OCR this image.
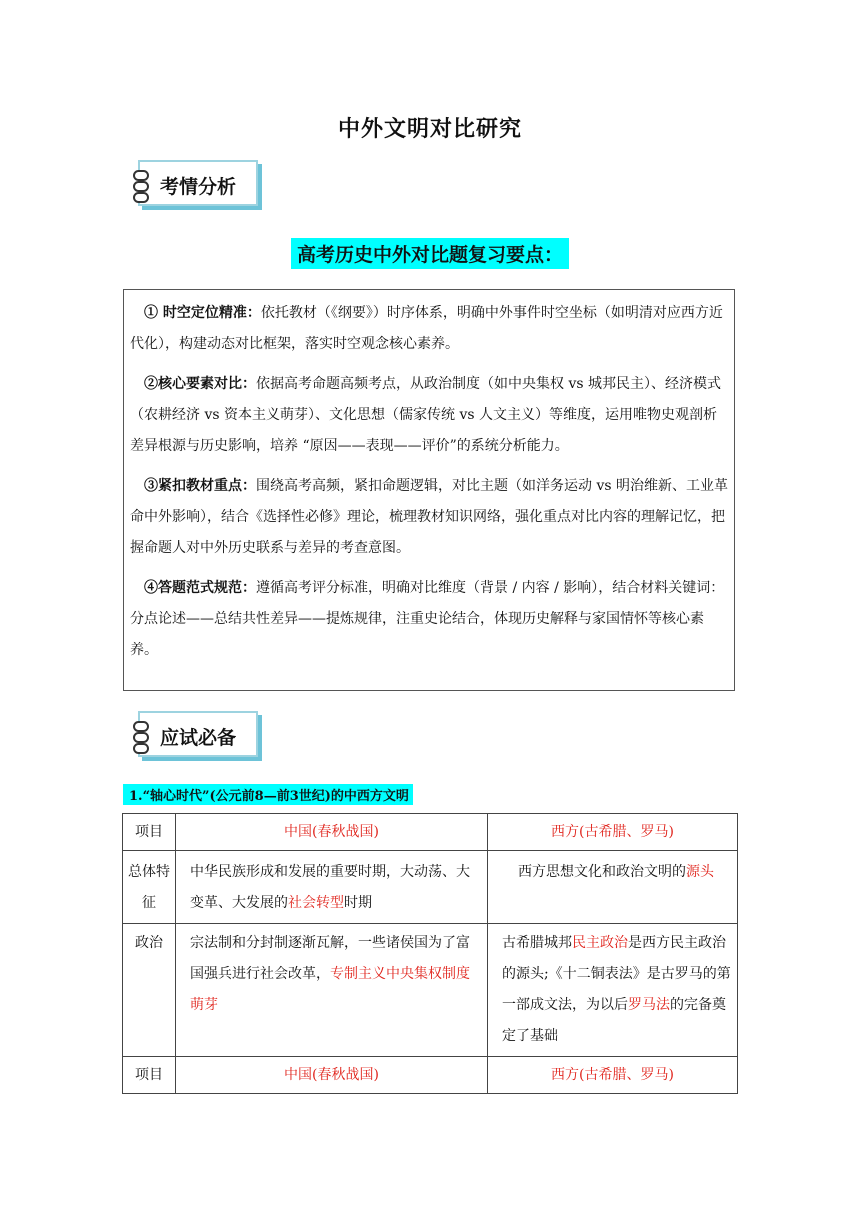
中外文明对比研究
考情分析
高考历史中外对比题复习要点：

① 时空定位精准：依托教材（《纲要》）时序体系，明确中外事件时空坐标（如明清对应西方近代化），构建动态对比框架，落实时空观念核心素养。

②核心要素对比：依据高考命题高频考点，从政治制度（如中央集权 vs 城邦民主）、经济模式（农耕经济 vs 资本主义萌芽）、文化思想（儒家传统 vs 人文主义）等维度，运用唯物史观剖析差异根源与历史影响，培养 “原因——表现——评价”的系统分析能力。

③紧扣教材重点：围绕高考高频，紧扣命题逻辑，对比主题（如洋务运动 vs 明治维新、工业革命中外影响），结合《选择性必修》理论，梳理教材知识网络，强化重点对比内容的理解记忆，把握命题人对中外历史联系与差异的考查意图。

④答题范式规范：遵循高考评分标准，明确对比维度（背景 / 内容 / 影响），结合材料关键词：分点论述——总结共性差异——提炼规律，注重史论结合，体现历史解释与家国情怀等核心素养。

应试必备
1.“轴心时代”(公元前8—前3世纪)的中西方文明
项目	中国(春秋战国)	西方(古希腊、罗马)
总体特征	中华民族形成和发展的重要时期，大动荡、大变革、大发展的社会转型时期	西方思想文化和政治文明的源头
政治	宗法制和分封制逐渐瓦解，一些诸侯国为了富国强兵进行社会改革，专制主义中央集权制度萌芽	古希腊城邦民主政治是西方民主政治的源头;《十二铜表法》是古罗马的第一部成文法，为以后罗马法的完备奠定了基础
项目	中国(春秋战国)	西方(古希腊、罗马)
